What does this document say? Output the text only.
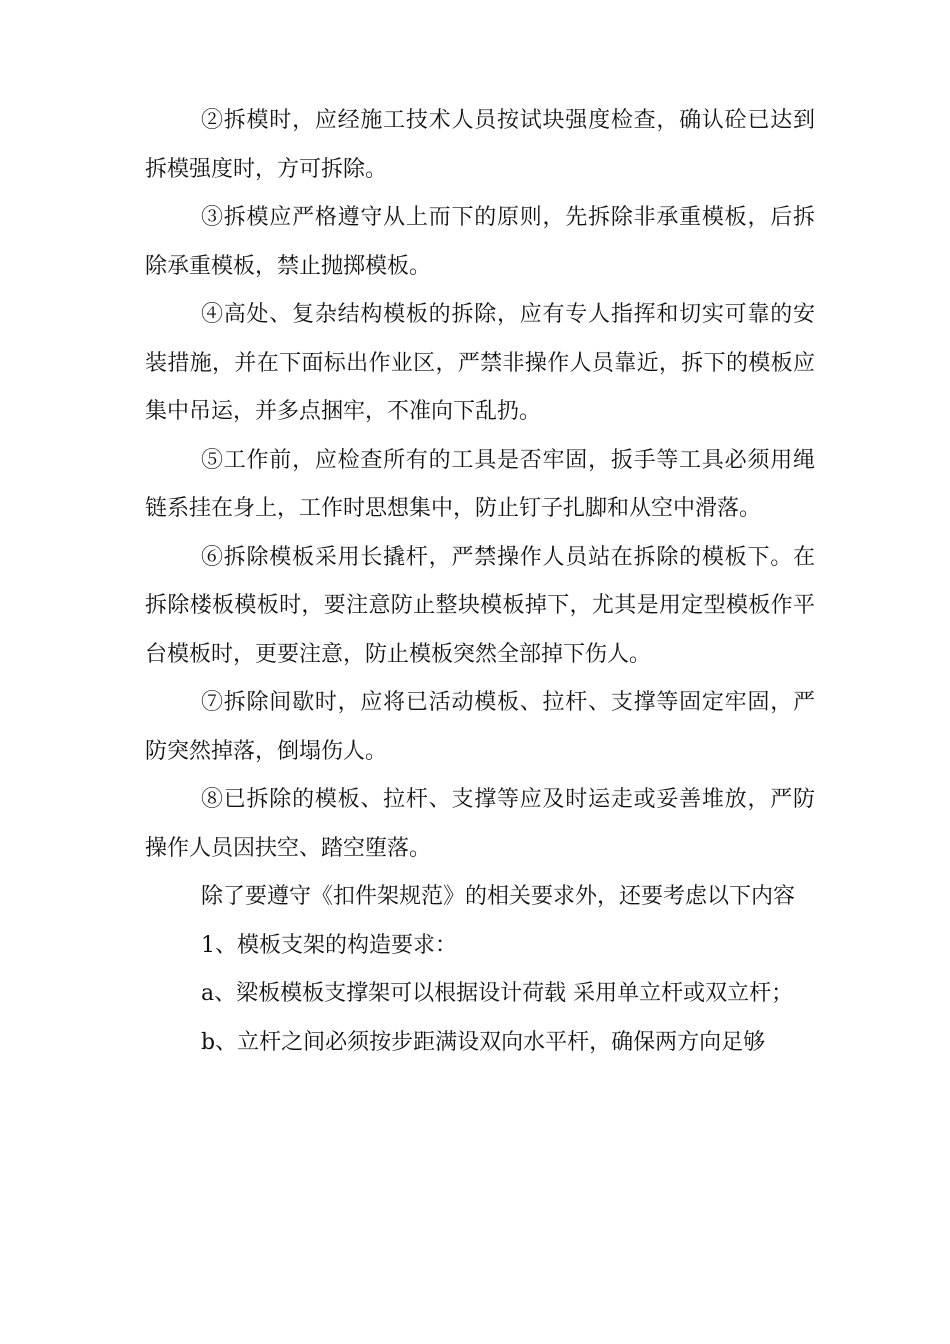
②拆模时，应经施工技术人员按试块强度检查，确认砼已达到拆模强度时，方可拆除。

③拆模应严格遵守从上而下的原则，先拆除非承重模板，后拆除承重模板，禁止抛掷模板。

④高处、复杂结构模板的拆除，应有专人指挥和切实可靠的安装措施，并在下面标出作业区，严禁非操作人员靠近，拆下的模板应集中吊运，并多点捆牢，不准向下乱扔。

⑤工作前，应检查所有的工具是否牢固，扳手等工具必须用绳链系挂在身上，工作时思想集中，防止钉子扎脚和从空中滑落。

⑥拆除模板采用长撬杆，严禁操作人员站在拆除的模板下。在拆除楼板模板时，要注意防止整块模板掉下，尤其是用定型模板作平台模板时，更要注意，防止模板突然全部掉下伤人。

⑦拆除间歇时，应将已活动模板、拉杆、支撑等固定牢固，严防突然掉落，倒塌伤人。

⑧已拆除的模板、拉杆、支撑等应及时运走或妥善堆放，严防操作人员因扶空、踏空堕落。

除了要遵守《扣件架规范》的相关要求外，还要考虑以下内容

1、模板支架的构造要求：

a、梁板模板支撑架可以根据设计荷载 采用单立杆或双立杆；

b、立杆之间必须按步距满设双向水平杆，确保两方向足够
